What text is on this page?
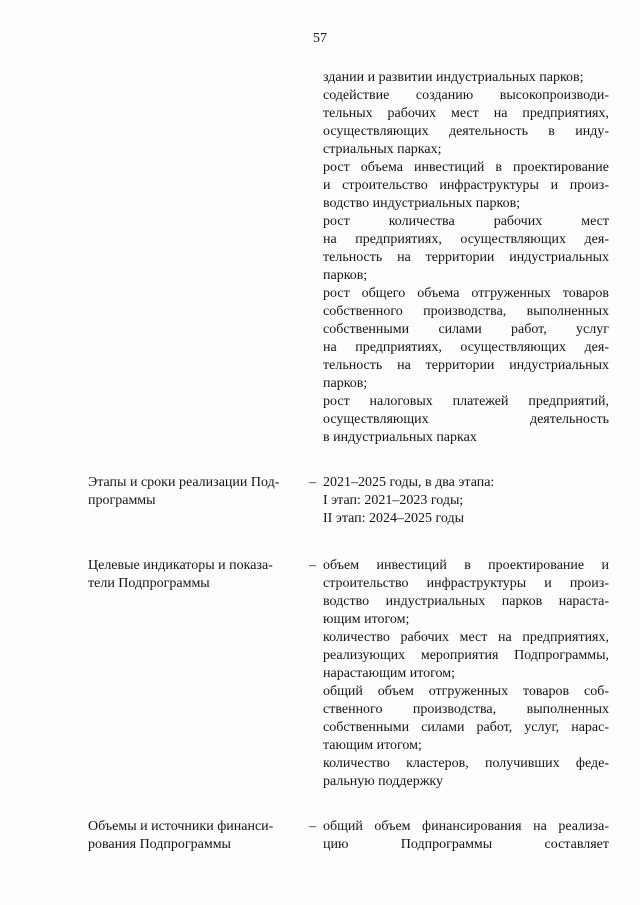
57
здании и развитии индустриальных парков;
содействие созданию высокопроизводи-
тельных рабочих мест на предприятиях,
осуществляющих деятельность в инду-
стриальных парках;
рост объема инвестиций в проектирование
и строительство инфраструктуры и произ-
водство индустриальных парков;
рост количества рабочих мест
на предприятиях, осуществляющих дея-
тельность на территории индустриальных
парков;
рост общего объема отгруженных товаров
собственного производства, выполненных
собственными силами работ, услуг
на предприятиях, осуществляющих дея-
тельность на территории индустриальных
парков;
рост налоговых платежей предприятий,
осуществляющих деятельность
в индустриальных парках
Этапы и сроки реализации Под-
программы
– 2021–2025 годы, в два этапа:
I этап: 2021–2023 годы;
II этап: 2024–2025 годы
Целевые индикаторы и показа-
тели Подпрограммы
– объем инвестиций в проектирование и
строительство инфраструктуры и произ-
водство индустриальных парков нараста-
ющим итогом;
количество рабочих мест на предприятиях,
реализующих мероприятия Подпрограммы,
нарастающим итогом;
общий объем отгруженных товаров соб-
ственного производства, выполненных
собственными силами работ, услуг, нарас-
тающим итогом;
количество кластеров, получивших феде-
ральную поддержку
Объемы и источники финанси-
рования Подпрограммы
– общий объем финансирования на реализа-
цию Подпрограммы составляет
